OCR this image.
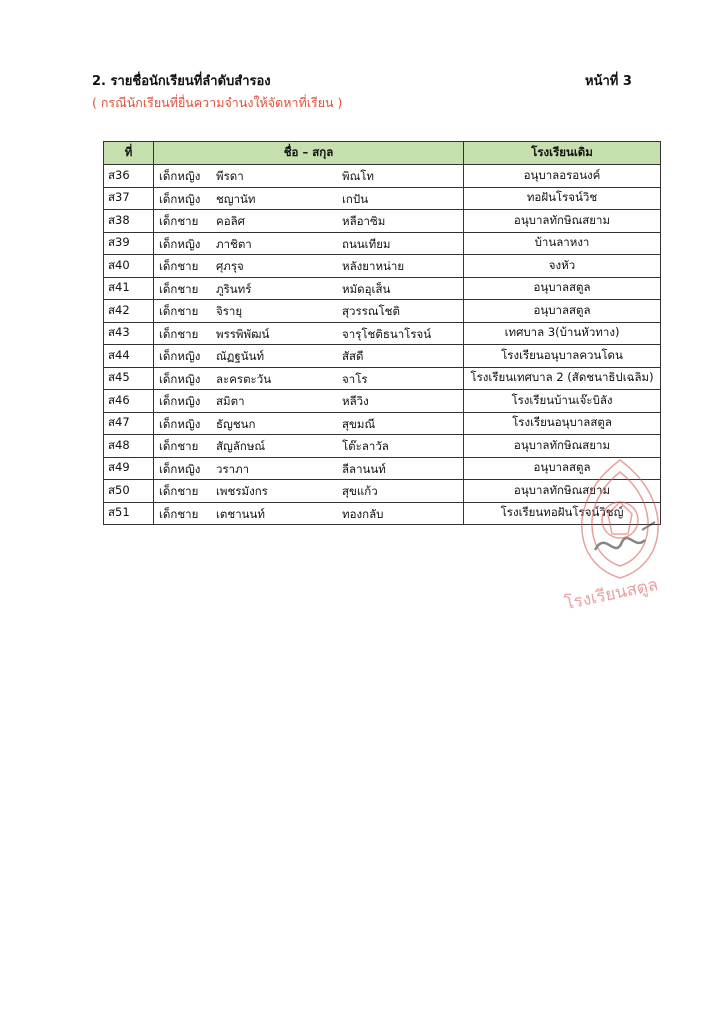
2. รายชื่อนักเรียนที่ลำดับสำรอง	หน้าที่ 3
( กรณีนักเรียนที่ยื่นความจำนงให้จัดหาที่เรียน )
ที่	ชื่อ – สกุล	โรงเรียนเดิม
ส36	เด็กหญิง พีรดา พิณโท	อนุบาลอรอนงค์
ส37	เด็กหญิง ชญานัท เกปัน	ทอฝันโรจน์วิช
ส38	เด็กชาย คอลิศ หลีอาซิม	อนุบาลทักษิณสยาม
ส39	เด็กหญิง ภาชิตา ถนนเทียม	บ้านลาหงา
ส40	เด็กชาย ศุภรุจ หลังยาหน่าย	จงหัว
ส41	เด็กชาย ภูรินทร์ หมัดอุเส็น	อนุบาลสตูล
ส42	เด็กชาย จิรายุ สุวรรณโชติ	อนุบาลสตูล
ส43	เด็กชาย พรรพิพัฒน์ จารุโชติธนาโรจน์	เทศบาล 3(บ้านหัวทาง)
ส44	เด็กหญิง ณัฏฐนันท์ สัสดี	โรงเรียนอนุบาลควนโดน
ส45	เด็กหญิง ละครตะวัน จาโร	โรงเรียนเทศบาล 2 (สัดชนาธิปเฉลิม)
ส46	เด็กหญิง สมิตา หลีวิง	โรงเรียนบ้านเจ๊ะบิลัง
ส47	เด็กหญิง ธัญชนก สุขมณี	โรงเรียนอนุบาลสตูล
ส48	เด็กชาย สัญลักษณ์ โต๊ะลาวัล	อนุบาลทักษิณสยาม
ส49	เด็กหญิง วราภา ลีลานนท์	อนุบาลสตูล
ส50	เด็กชาย เพชรมังกร สุขแก้ว	อนุบาลทักษิณสยาม
ส51	เด็กชาย เตชานนท์ ทองกลับ	โรงเรียนทอฝันโรจน์วิชญ์
โรงเรียนสตูล
